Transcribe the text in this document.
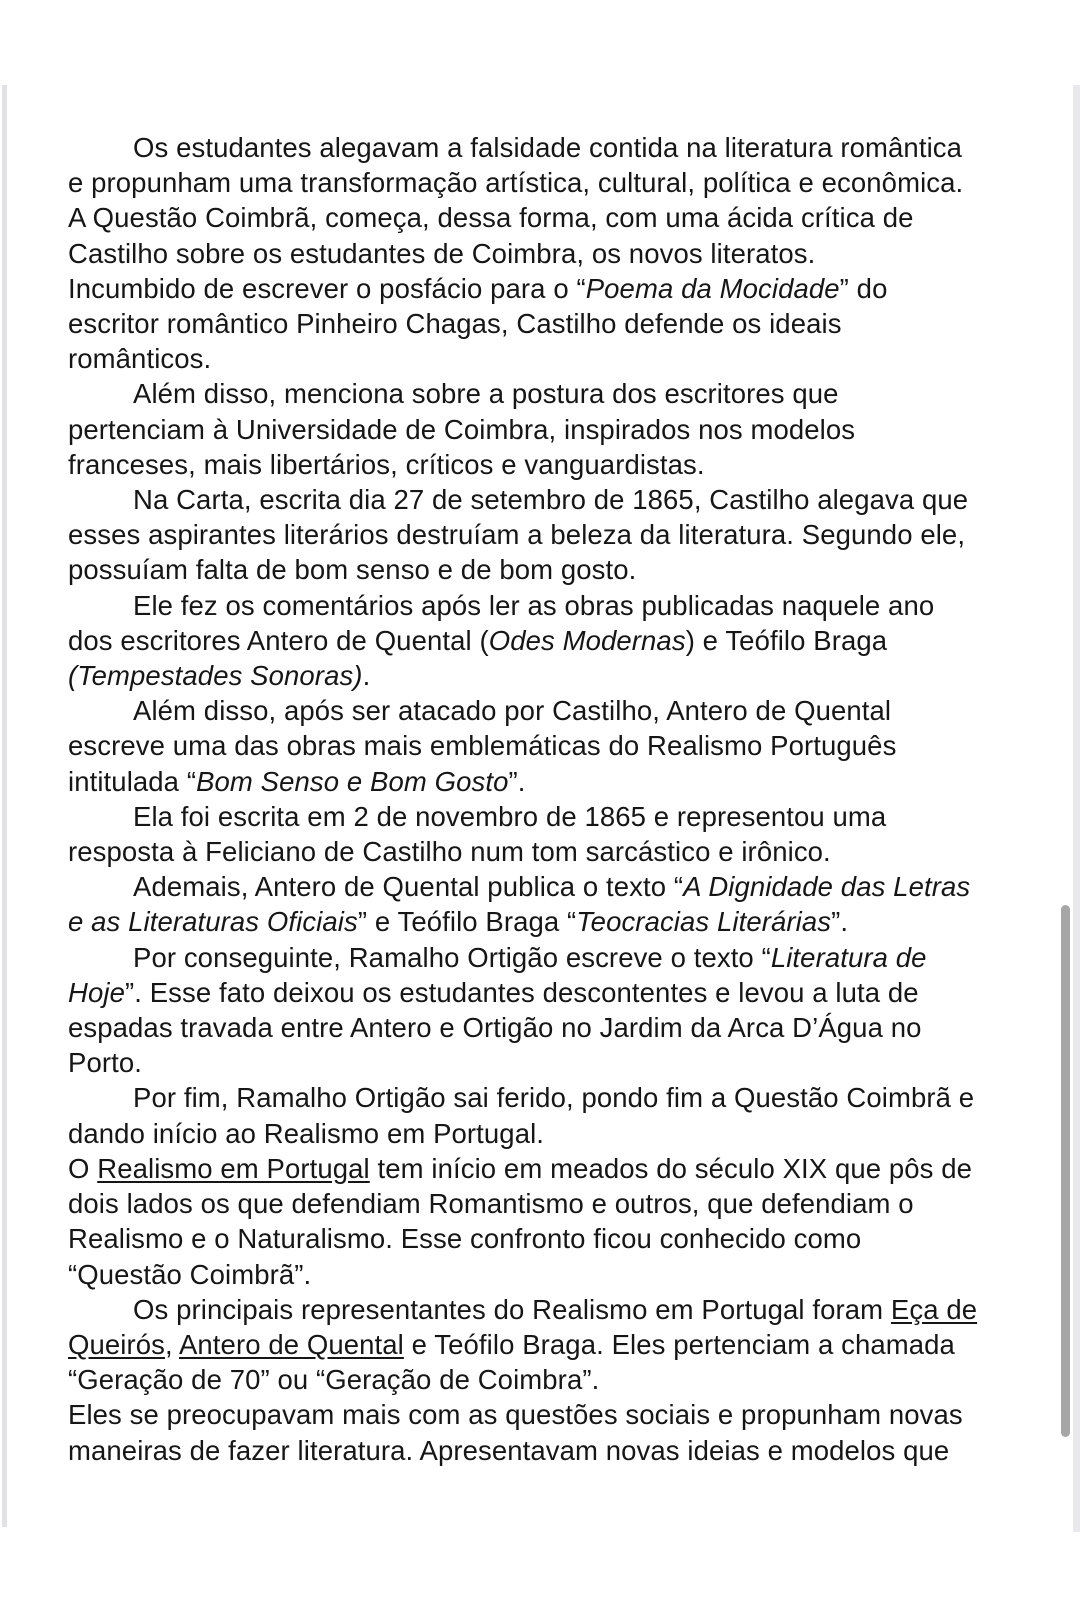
Os estudantes alegavam a falsidade contida na literatura romântica
e propunham uma transformação artística, cultural, política e econômica.
A Questão Coimbrã, começa, dessa forma, com uma ácida crítica de
Castilho sobre os estudantes de Coimbra, os novos literatos.
Incumbido de escrever o posfácio para o “Poema da Mocidade” do
escritor romântico Pinheiro Chagas, Castilho defende os ideais
românticos.
Além disso, menciona sobre a postura dos escritores que
pertenciam à Universidade de Coimbra, inspirados nos modelos
franceses, mais libertários, críticos e vanguardistas.
Na Carta, escrita dia 27 de setembro de 1865, Castilho alegava que
esses aspirantes literários destruíam a beleza da literatura. Segundo ele,
possuíam falta de bom senso e de bom gosto.
Ele fez os comentários após ler as obras publicadas naquele ano
dos escritores Antero de Quental (Odes Modernas) e Teófilo Braga
(Tempestades Sonoras).
Além disso, após ser atacado por Castilho, Antero de Quental
escreve uma das obras mais emblemáticas do Realismo Português
intitulada “Bom Senso e Bom Gosto”.
Ela foi escrita em 2 de novembro de 1865 e representou uma
resposta à Feliciano de Castilho num tom sarcástico e irônico.
Ademais, Antero de Quental publica o texto “A Dignidade das Letras
e as Literaturas Oficiais” e Teófilo Braga “Teocracias Literárias”.
Por conseguinte, Ramalho Ortigão escreve o texto “Literatura de
Hoje”. Esse fato deixou os estudantes descontentes e levou a luta de
espadas travada entre Antero e Ortigão no Jardim da Arca D’Água no
Porto.
Por fim, Ramalho Ortigão sai ferido, pondo fim a Questão Coimbrã e
dando início ao Realismo em Portugal.
O Realismo em Portugal tem início em meados do século XIX que pôs de
dois lados os que defendiam Romantismo e outros, que defendiam o
Realismo e o Naturalismo. Esse confronto ficou conhecido como
“Questão Coimbrã”.
Os principais representantes do Realismo em Portugal foram Eça de
Queirós, Antero de Quental e Teófilo Braga. Eles pertenciam a chamada
“Geração de 70” ou “Geração de Coimbra”.
Eles se preocupavam mais com as questões sociais e propunham novas
maneiras de fazer literatura. Apresentavam novas ideias e modelos que
